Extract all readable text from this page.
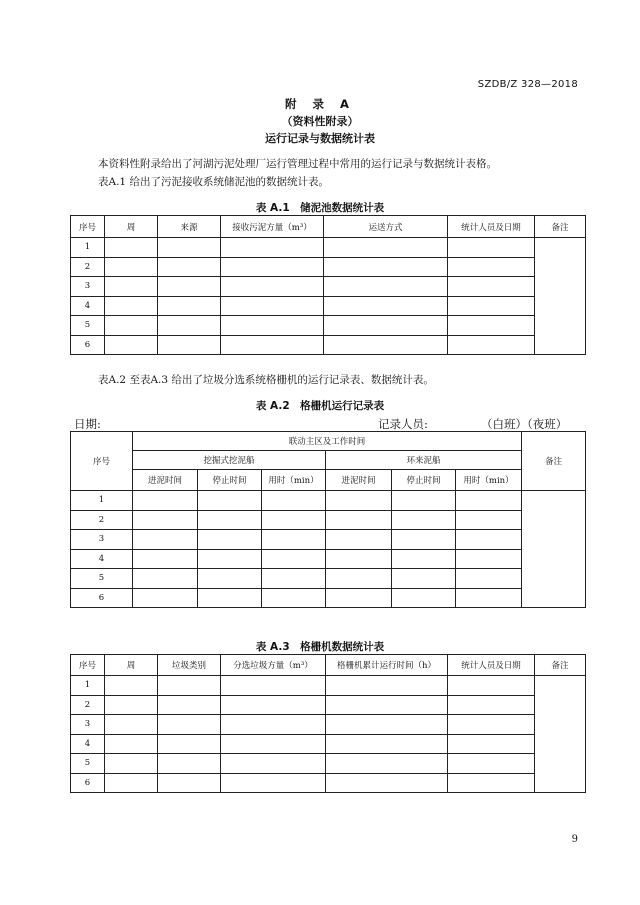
SZDB/Z 328—2018
附 录 A
（资料性附录）
运行记录与数据统计表
本资料性附录给出了河湖污泥处理厂运行管理过程中常用的运行记录与数据统计表格。
表A.1 给出了污泥接收系统储泥池的数据统计表。
表 A.1　储泥池数据统计表
序号	周	来源	接收污泥方量（m³）	运送方式	统计人员及日期	备注
1						
2						
3						
4						
5						
6						
表A.2 至表A.3 给出了垃圾分选系统格栅机的运行记录表、数据统计表。
表 A.2　格栅机运行记录表
日期:	记录人员:	（白班）（夜班）
序号	联动主区及工作时间						备注
	挖掘式挖泥船			环来泥船			
	进泥时间	停止时间	用时（min）	进泥时间	停止时间	用时（min）	
1							
2							
3							
4							
5							
6							
表 A.3　格栅机数据统计表
序号	周	垃圾类别	分选垃圾方量（m³）	格栅机累计运行时间（h）	统计人员及日期	备注
1						
2						
3						
4						
5						
6						
9
